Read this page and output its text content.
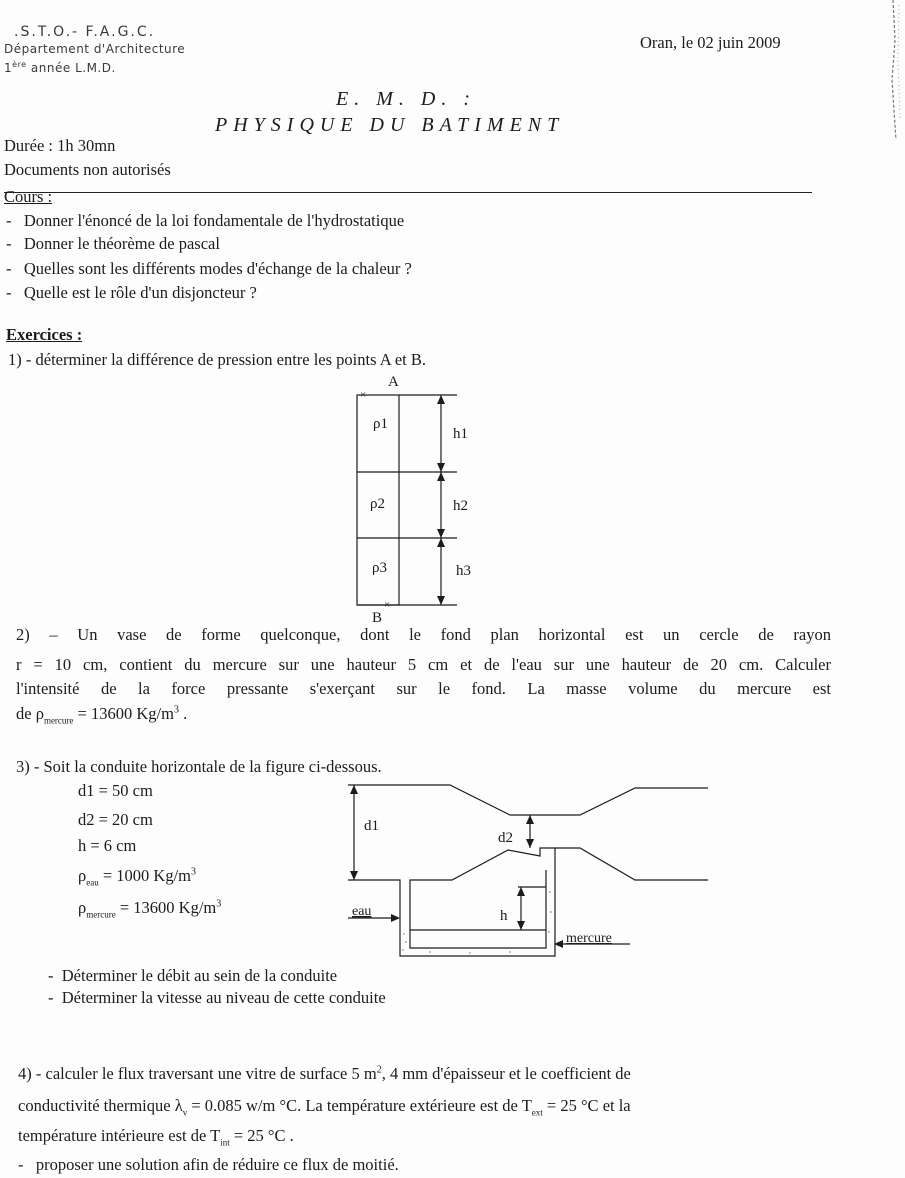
.S.T.O.- F.A.G.C.
Département d'Architecture
1ère année L.M.D.
Oran, le 02 juin 2009
E. M. D. :
PHYSIQUE DU BATIMENT
Durée : 1h 30mn
Documents non autorisés
Cours :
-   Donner l'énoncé de la loi fondamentale de l'hydrostatique
-   Donner le théorème de pascal
-   Quelles sont les différents modes d'échange de la chaleur ?
-   Quelle est le rôle d'un disjoncteur ?
Exercices :
1) - déterminer la différence de pression entre les points A et B.
A
×
B
×
ρ1
ρ2
ρ3
h1
h2
h3
2) – Un vase de forme quelconque, dont le fond plan horizontal est un cercle de rayon
r = 10 cm, contient du mercure sur une hauteur 5 cm et de l'eau sur une hauteur de 20 cm. Calculer
l'intensité de la force pressante s'exerçant sur le fond. La masse volume du mercure est
de $\rho_{mercure} = 13600$ $Kg/m^3$ .
3) - Soit la conduite horizontale de la figure ci-dessous.
d1 = 50 cm
d2 = 20 cm
h = 6 cm
$\rho_{eau} = 1000$ $Kg/m^3$
$\rho_{mercure} = 13600$ $Kg/m^3$
d1
d2
h
eau
mercure
-  Déterminer le débit au sein de la conduite
-  Déterminer la vitesse au niveau de cette conduite
4) - calculer le flux traversant une vitre de surface 5 $m^2$, 4 mm d'épaisseur et le coefficient de
conductivité thermique $\lambda_v = 0.085$ w/m °C. La température extérieure est de $T_{ext} = 25$ °C et la
température intérieure est de $T_{int} = 25$ °C .
-   proposer une solution afin de réduire ce flux de moitié.
